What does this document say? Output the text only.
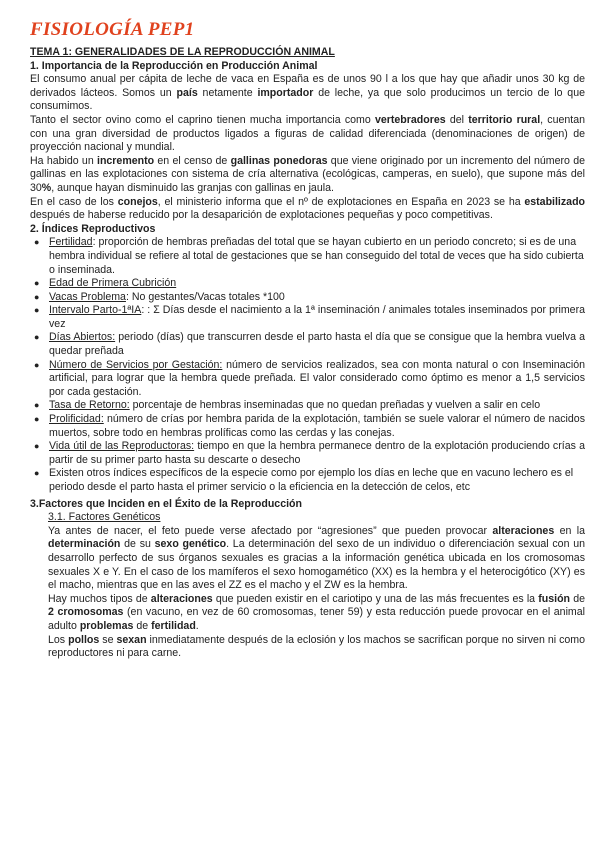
FISIOLOGÍA PEP1
TEMA 1: GENERALIDADES DE LA REPRODUCCIÓN ANIMAL
1. Importancia de la Reproducción en Producción Animal

El consumo anual per cápita de leche de vaca en España es de unos 90 l a los que hay que añadir unos 30 kg de derivados lácteos. Somos un país netamente importador de leche, ya que solo producimos un tercio de lo que consumimos.

Tanto el sector ovino como el caprino tienen mucha importancia como vertebradores del territorio rural, cuentan con una gran diversidad de productos ligados a figuras de calidad diferenciada (denominaciones de origen) de proyección nacional y mundial.

Ha habido un incremento en el censo de gallinas ponedoras que viene originado por un incremento del número de gallinas en las explotaciones con sistema de cría alternativa (ecológicas, camperas, en suelo), que supone más del 30%, aunque hayan disminuido las granjas con gallinas en jaula.

En el caso de los conejos, el ministerio informa que el nº de explotaciones en España en 2023 se ha estabilizado después de haberse reducido por la desaparición de explotaciones pequeñas y poco competitivas.

2. Índices Reproductivos
● Fertilidad: proporción de hembras preñadas del total que se hayan cubierto en un periodo concreto; si es de una hembra individual se refiere al total de gestaciones que se han conseguido del total de veces que ha sido cubierta o inseminada.
● Edad de Primera Cubrición
● Vacas Problema: No gestantes/Vacas totales *100
● Intervalo Parto-1ªIA: : Σ Días desde el nacimiento a la 1ª inseminación / animales totales inseminados por primera vez
● Días Abiertos: periodo (días) que transcurren desde el parto hasta el día que se consigue que la hembra vuelva a quedar preñada
● Número de Servicios por Gestación: número de servicios realizados, sea con monta natural o con Inseminación artificial, para lograr que la hembra quede preñada. El valor considerado como óptimo es menor a 1,5 servicios por cada gestación.
● Tasa de Retorno: porcentaje de hembras inseminadas que no quedan preñadas y vuelven a salir en celo
● Prolificidad: número de crías por hembra parida de la explotación, también se suele valorar el número de nacidos muertos, sobre todo en hembras prolíficas como las cerdas y las conejas.
● Vida útil de las Reproductoras: tiempo en que la hembra permanece dentro de la explotación produciendo crías a partir de su primer parto hasta su descarte o desecho
● Existen otros índices específicos de la especie como por ejemplo los días en leche que en vacuno lechero es el periodo desde el parto hasta el primer servicio o la eficiencia en la detección de celos, etc
3.Factores que Inciden en el Éxito de la Reproducción
3.1. Factores Genéticos

Ya antes de nacer, el feto puede verse afectado por “agresiones” que pueden provocar alteraciones en la determinación de su sexo genético. La determinación del sexo de un individuo o diferenciación sexual con un desarrollo perfecto de sus órganos sexuales es gracias a la información genética ubicada en los cromosomas sexuales X e Y. En el caso de los mamíferos el sexo homogamético (XX) es la hembra y el heterocigótico (XY) es el macho, mientras que en las aves el ZZ es el macho y el ZW es la hembra.

Hay muchos tipos de alteraciones que pueden existir en el cariotipo y una de las más frecuentes es la fusión de 2 cromosomas (en vacuno, en vez de 60 cromosomas, tener 59) y esta reducción puede provocar en el animal adulto problemas de fertilidad.

Los pollos se sexan inmediatamente después de la eclosión y los machos se sacrifican porque no sirven ni como reproductores ni para carne.
